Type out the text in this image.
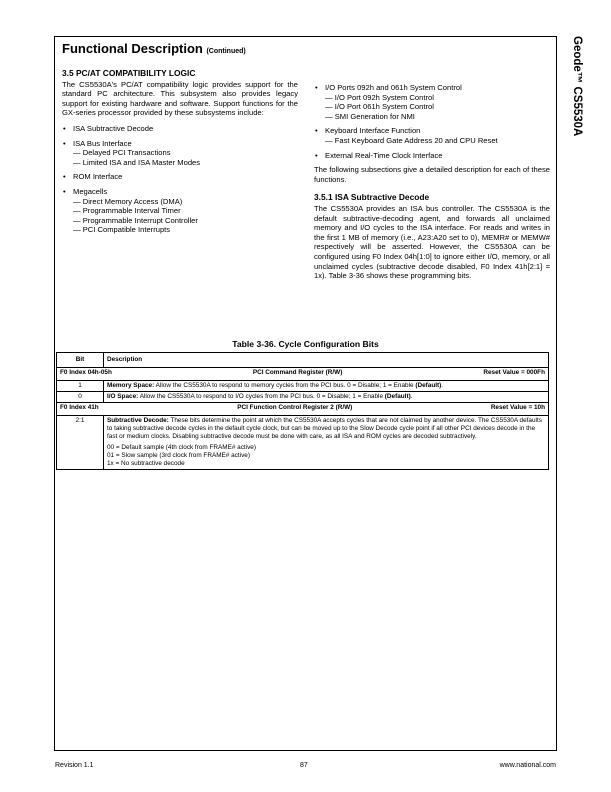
Geode™ CS5530A
Functional Description (Continued)
3.5 PC/AT COMPATIBILITY LOGIC

The CS5530A's PC/AT compatibility logic provides support for the standard PC architecture. This subsystem also provides legacy support for existing hardware and software. Support functions for the GX-series processor provided by these subsystems include:

• ISA Subtractive Decode
• ISA Bus Interface
— Delayed PCI Transactions
— Limited ISA and ISA Master Modes
• ROM Interface
• Megacells
— Direct Memory Access (DMA)
— Programmable Interval Timer
— Programmable Interrupt Controller
— PCI Compatible Interrupts
• I/O Ports 092h and 061h System Control
— I/O Port 092h System Control
— I/O Port 061h System Control
— SMI Generation for NMI
• Keyboard Interface Function
— Fast Keyboard Gate Address 20 and CPU Reset
• External Real-Time Clock Interface

The following subsections give a detailed description for each of these functions.

3.5.1 ISA Subtractive Decode

The CS5530A provides an ISA bus controller. The CS5530A is the default subtractive-decoding agent, and forwards all unclaimed memory and I/O cycles to the ISA interface. For reads and writes in the first 1 MB of memory (i.e., A23:A20 set to 0), MEMR# or MEMW# respectively will be asserted. However, the CS5530A can be configured using F0 Index 04h[1:0] to ignore either I/O, memory, or all unclaimed cycles (subtractive decode disabled, F0 Index 41h[2:1] = 1x). Table 3-36 shows these programming bits.

Table 3-36. Cycle Configuration Bits
Bit	Description

F0 Index 04h-05h PCI Command Register (R/W) Reset Value = 000Fh	

1	Memory Space: Allow the CS5530A to respond to memory cycles from the PCI bus. 0 = Disable; 1 = Enable (Default).
0	I/O Space: Allow the CS5530A to respond to I/O cycles from the PCI bus. 0 = Disable; 1 = Enable (Default).

F0 Index 41h PCI Function Control Register 2 (R/W) Reset Value = 10h	

2:1	Subtractive Decode: These bits determine the point at which the CS5530A accepts cycles that are not claimed by another device. The CS5530A defaults to taking subtractive decode cycles in the default cycle clock, but can be moved up to the Slow Decode cycle point if all other PCI devices decode in the fast or medium clocks. Disabling subtractive decode must be done with care, as all ISA and ROM cycles are decoded subtractively.
00 = Default sample (4th clock from FRAME# active)
01 = Slow sample (3rd clock from FRAME# active)
1x = No subtractive decode
Revision 1.1	87	www.national.com
